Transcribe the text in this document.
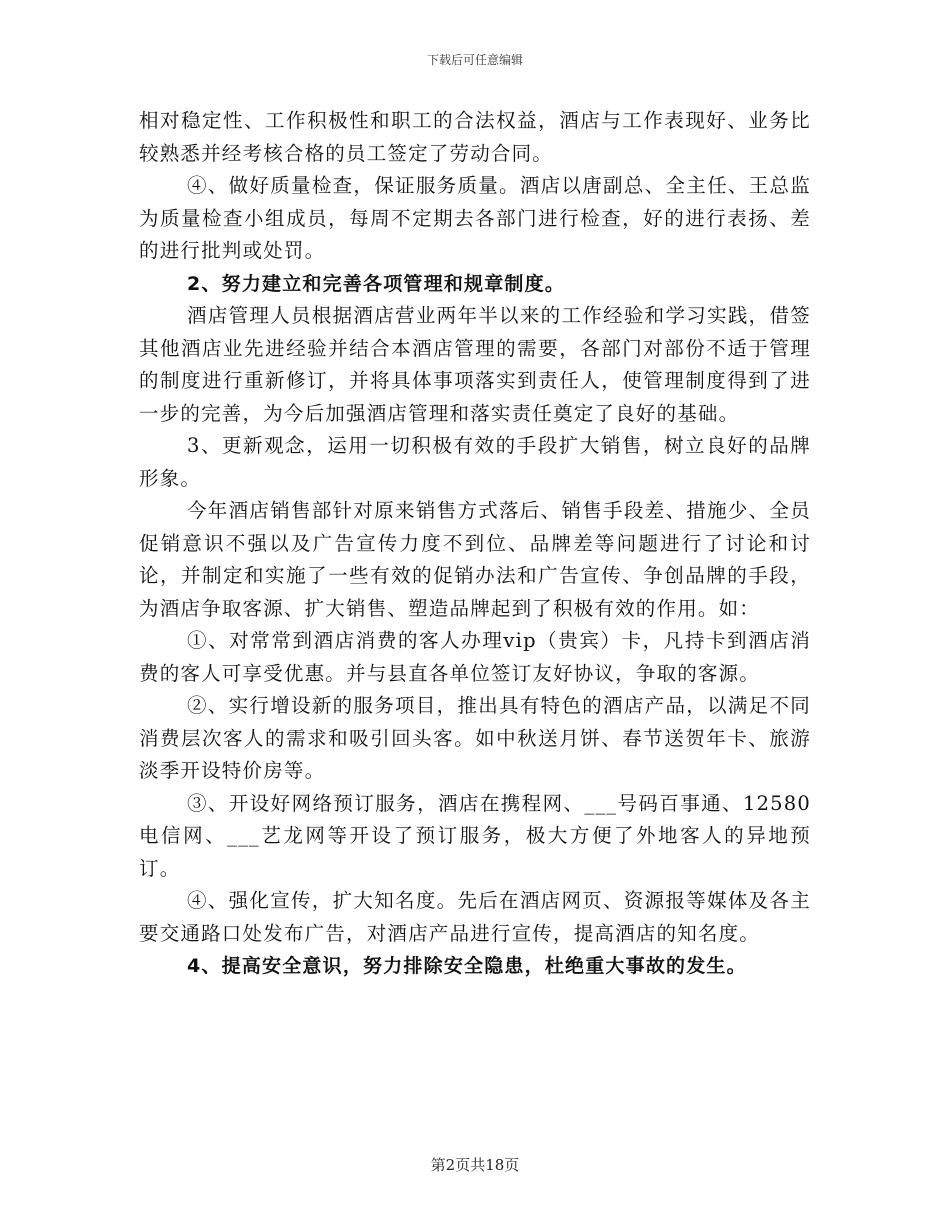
下载后可任意编辑

相对稳定性、工作积极性和职工的合法权益，酒店与工作表现好、业务比较熟悉并经考核合格的员工签定了劳动合同。

④、做好质量检查，保证服务质量。酒店以唐副总、全主任、王总监为质量检查小组成员，每周不定期去各部门进行检查，好的进行表扬、差的进行批判或处罚。

2、努力建立和完善各项管理和规章制度。

酒店管理人员根据酒店营业两年半以来的工作经验和学习实践，借签其他酒店业先进经验并结合本酒店管理的需要，各部门对部份不适于管理的制度进行重新修订，并将具体事项落实到责任人，使管理制度得到了进一步的完善，为今后加强酒店管理和落实责任奠定了良好的基础。

3、更新观念，运用一切积极有效的手段扩大销售，树立良好的品牌形象。

今年酒店销售部针对原来销售方式落后、销售手段差、措施少、全员促销意识不强以及广告宣传力度不到位、品牌差等问题进行了讨论和讨论，并制定和实施了一些有效的促销办法和广告宣传、争创品牌的手段，为酒店争取客源、扩大销售、塑造品牌起到了积极有效的作用。如：

①、对常常到酒店消费的客人办理vip（贵宾）卡，凡持卡到酒店消费的客人可享受优惠。并与县直各单位签订友好协议，争取的客源。

②、实行增设新的服务项目，推出具有特色的酒店产品，以满足不同消费层次客人的需求和吸引回头客。如中秋送月饼、春节送贺年卡、旅游淡季开设特价房等。

③、开设好网络预订服务，酒店在携程网、___号码百事通、12580电信网、___艺龙网等开设了预订服务，极大方便了外地客人的异地预订。

④、强化宣传，扩大知名度。先后在酒店网页、资源报等媒体及各主要交通路口处发布广告，对酒店产品进行宣传，提高酒店的知名度。

4、提高安全意识，努力排除安全隐患，杜绝重大事故的发生。

第2页共18页
